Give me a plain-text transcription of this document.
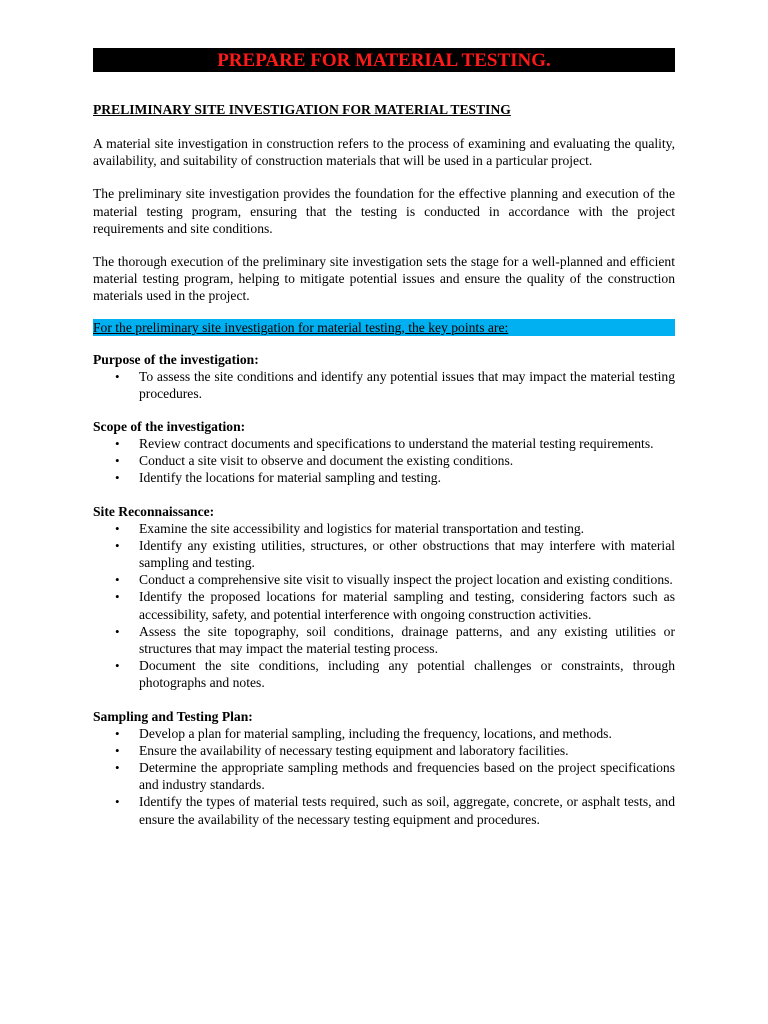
PREPARE FOR MATERIAL TESTING.
PRELIMINARY SITE INVESTIGATION FOR MATERIAL TESTING

A material site investigation in construction refers to the process of examining and evaluating the quality, availability, and suitability of construction materials that will be used in a particular project.

The preliminary site investigation provides the foundation for the effective planning and execution of the material testing program, ensuring that the testing is conducted in accordance with the project requirements and site conditions.

The thorough execution of the preliminary site investigation sets the stage for a well-planned and efficient material testing program, helping to mitigate potential issues and ensure the quality of the construction materials used in the project.

For the preliminary site investigation for material testing, the key points are:
Purpose of the investigation:
• To assess the site conditions and identify any potential issues that may impact the material testing procedures.
Scope of the investigation:
• Review contract documents and specifications to understand the material testing requirements.
• Conduct a site visit to observe and document the existing conditions.
• Identify the locations for material sampling and testing.
Site Reconnaissance:
• Examine the site accessibility and logistics for material transportation and testing.
• Identify any existing utilities, structures, or other obstructions that may interfere with material sampling and testing.
• Conduct a comprehensive site visit to visually inspect the project location and existing conditions.
• Identify the proposed locations for material sampling and testing, considering factors such as accessibility, safety, and potential interference with ongoing construction activities.
• Assess the site topography, soil conditions, drainage patterns, and any existing utilities or structures that may impact the material testing process.
• Document the site conditions, including any potential challenges or constraints, through photographs and notes.
Sampling and Testing Plan:
• Develop a plan for material sampling, including the frequency, locations, and methods.
• Ensure the availability of necessary testing equipment and laboratory facilities.
• Determine the appropriate sampling methods and frequencies based on the project specifications and industry standards.
• Identify the types of material tests required, such as soil, aggregate, concrete, or asphalt tests, and ensure the availability of the necessary testing equipment and procedures.
